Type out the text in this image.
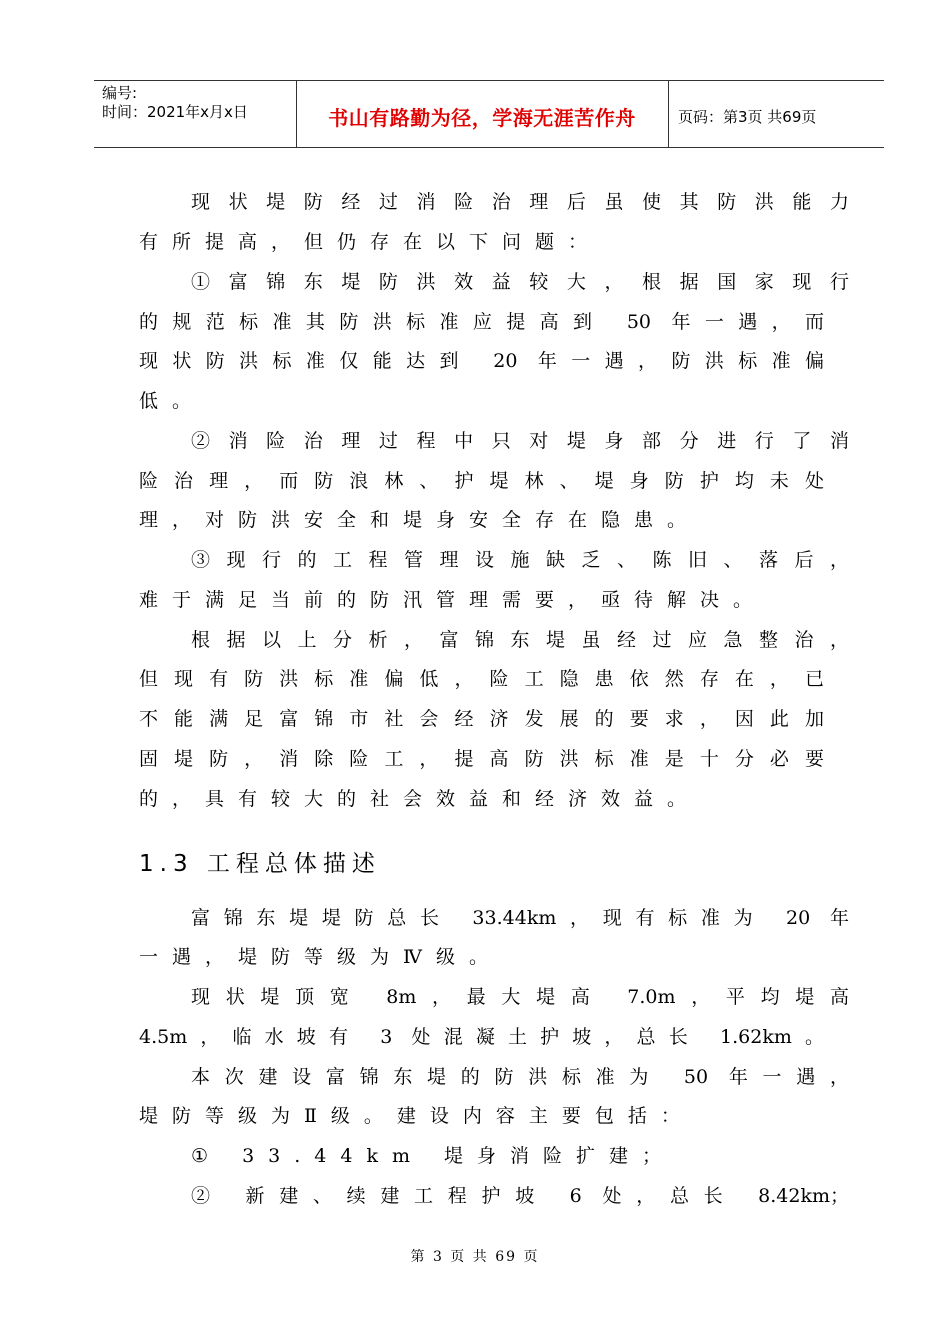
编号:
时间：2021年x月x日	书山有路勤为径，学海无涯苦作舟	页码：第3页 共69页
现状堤防经过消险治理后虽使其防洪能力
有所提高，但仍存在以下问题：
①富锦东堤防洪效益较大，根据国家现行
的规范标准其防洪标准应提高到 50 年一遇，而
现状防洪标准仅能达到 20 年一遇，防洪标准偏
低。
②消险治理过程中只对堤身部分进行了消
险治理，而防浪林、护堤林、堤身防护均未处
理，对防洪安全和堤身安全存在隐患。
③现行的工程管理设施缺乏、陈旧、落后，
难于满足当前的防汛管理需要，亟待解决。
根据以上分析，富锦东堤虽经过应急整治，
但现有防洪标准偏低，险工隐患依然存在，已
不能满足富锦市社会经济发展的要求，因此加
固堤防，消除险工，提高防洪标准是十分必要
的，具有较大的社会效益和经济效益。
1.3 工程总体描述
富锦东堤堤防总长 33.44km，现有标准为 20 年
一遇，堤防等级为Ⅳ级。
现状堤顶宽 8m，最大堤高 7.0m，平均堤高
4.5m，临水坡有 3 处混凝土护坡，总长 1.62km。
本次建设富锦东堤的防洪标准为 50 年一遇，
堤防等级为Ⅱ级。建设内容主要包括：
① 33.44km 堤身消险扩建；
② 新建、续建工程护坡 6 处，总长 8.42km；
第 3 页 共 69 页
